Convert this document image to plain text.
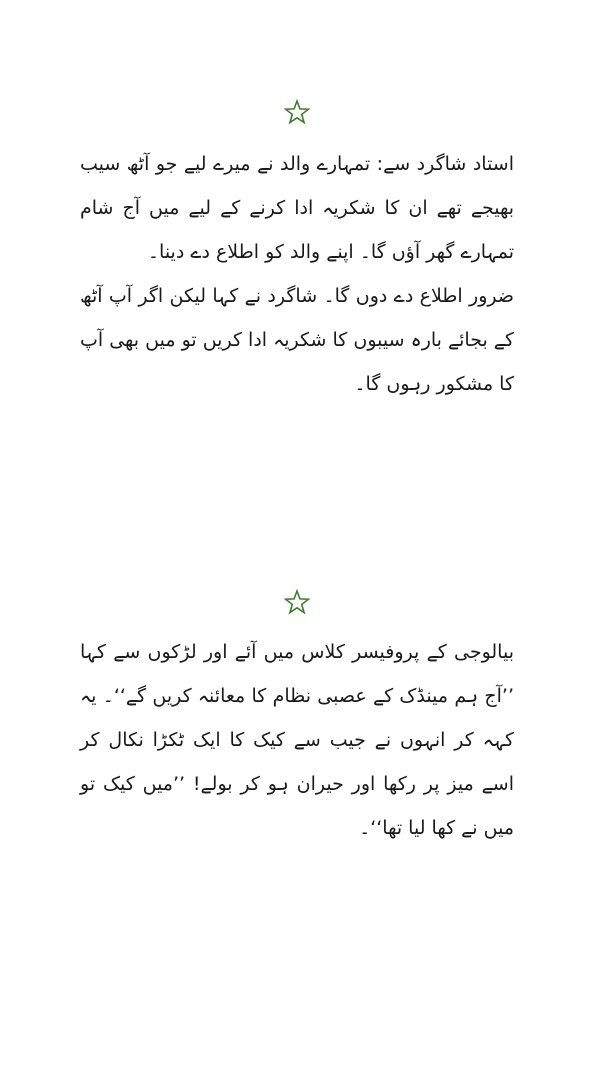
استاد شاگرد سے: تمہارے والد نے میرے لیے جو آٹھ سیب بھیجے تھے ان کا شکریہ ادا کرنے کے لیے میں آج شام تمہارے گھر آؤں گا۔ اپنے والد کو اطلاع دے دینا۔

ضرور اطلاع دے دوں گا۔ شاگرد نے کہا لیکن اگر آپ آٹھ کے بجائے بارہ سیبوں کا شکریہ ادا کریں تو میں بھی آپ کا مشکور رہوں گا۔

بیالوجی کے پروفیسر کلاس میں آئے اور لڑکوں سے کہا ’’آج ہم مینڈک کے عصبی نظام کا معائنہ کریں گے‘‘۔ یہ کہہ کر انہوں نے جیب سے کیک کا ایک ٹکڑا نکال کر اسے میز پر رکھا اور حیران ہو کر بولے! ’’میں کیک تو میں نے کھا لیا تھا‘‘۔
